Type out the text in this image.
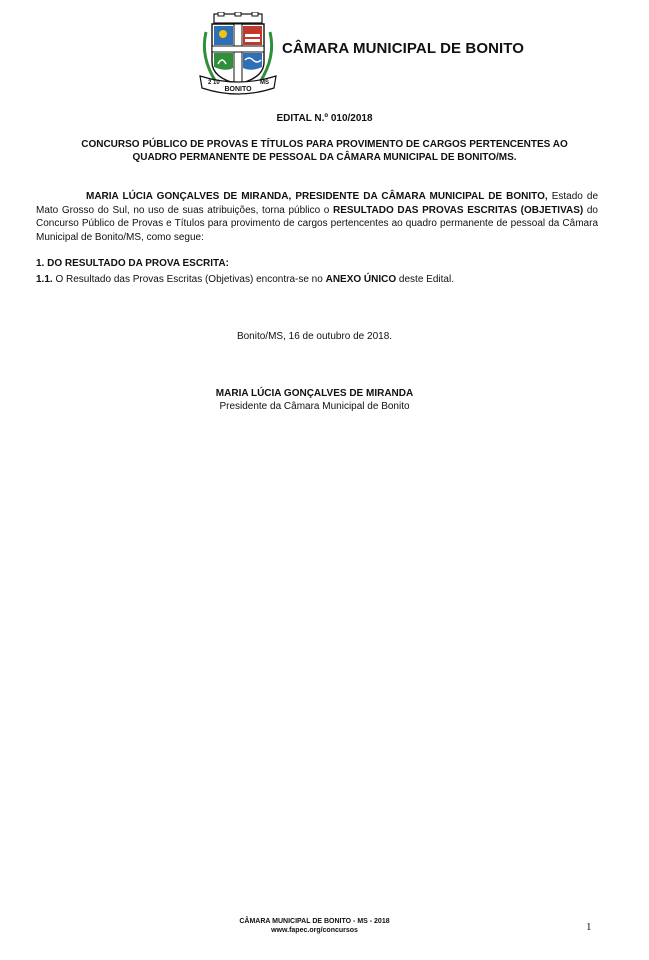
2 10
BONITO
MS
CÂMARA MUNICIPAL DE BONITO
EDITAL N.º 010/2018
CONCURSO PÚBLICO DE PROVAS E TÍTULOS PARA PROVIMENTO DE CARGOS PERTENCENTES AO
QUADRO PERMANENTE DE PESSOAL DA CÂMARA MUNICIPAL DE BONITO/MS.
MARIA LÚCIA GONÇALVES DE MIRANDA, PRESIDENTE DA CÂMARA MUNICIPAL DE BONITO, Estado de Mato Grosso do Sul, no uso de suas atribuições, torna público o RESULTADO DAS PROVAS ESCRITAS (OBJETIVAS) do Concurso Público de Provas e Títulos para provimento de cargos pertencentes ao quadro permanente de pessoal da Câmara Municipal de Bonito/MS, como segue:
1. DO RESULTADO DA PROVA ESCRITA:
1.1. O Resultado das Provas Escritas (Objetivas) encontra-se no ANEXO ÚNICO deste Edital.
Bonito/MS, 16 de outubro de 2018.
MARIA LÚCIA GONÇALVES DE MIRANDA
Presidente da Câmara Municipal de Bonito
CÂMARA MUNICIPAL DE BONITO - MS - 2018
www.fapec.org/concursos	1
